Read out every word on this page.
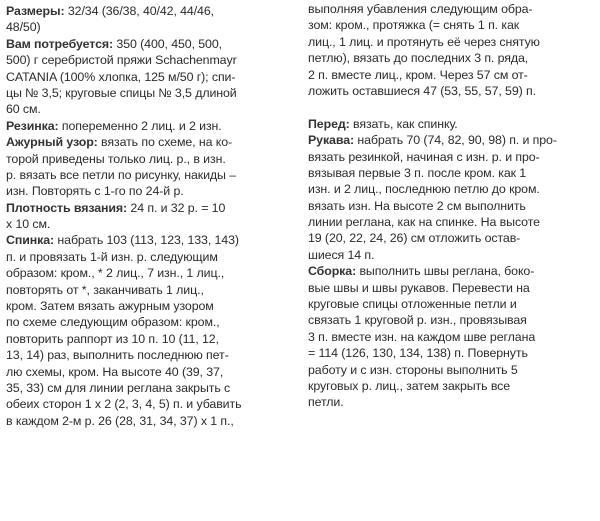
Размеры: 32/34 (36/38, 40/42, 44/46,
48/50)
Вам потребуется: 350 (400, 450, 500,
500) г серебристой пряжи Schachenmayr
CATANIA (100% хлопка, 125 м/50 г); спи-
цы № 3,5; круговые спицы № 3,5 длиной
60 см.
Резинка: попеременно 2 лиц. и 2 изн.
Ажурный узор: вязать по схеме, на ко-
торой приведены только лиц. р., в изн.
р. вязать все петли по рисунку, накиды –
изн. Повторять с 1-го по 24-й р.
Плотность вязания: 24 п. и 32 р. = 10
х 10 см.
Спинка: набрать 103 (113, 123, 133, 143)
п. и провязать 1-й изн. р. следующим
образом: кром., * 2 лиц., 7 изн., 1 лиц.,
повторять от *, заканчивать 1 лиц.,
кром. Затем вязать ажурным узором
по схеме следующим образом: кром.,
повторить раппорт из 10 п. 10 (11, 12,
13, 14) раз, выполнить последнюю пет-
лю схемы, кром. На высоте 40 (39, 37,
35, 33) см для линии реглана закрыть с
обеих сторон 1 х 2 (2, 3, 4, 5) п. и убавить
в каждом 2-м р. 26 (28, 31, 34, 37) х 1 п.,
выполняя убавления следующим обра-
зом: кром., протяжка (= снять 1 п. как
лиц., 1 лиц. и протянуть её через снятую
петлю), вязать до последних 3 п. ряда,
2 п. вместе лиц., кром. Через 57 см от-
ложить оставшиеся 47 (53, 55, 57, 59) п.
Перед: вязать, как спинку.
Рукава: набрать 70 (74, 82, 90, 98) п. и про-
вязать резинкой, начиная с изн. р. и про-
вязывая первые 3 п. после кром. как 1
изн. и 2 лиц., последнюю петлю до кром.
вязать изн. На высоте 2 см выполнить
линии реглана, как на спинке. На высоте
19 (20, 22, 24, 26) см отложить остав-
шиеся 14 п.
Сборка: выполнить швы реглана, боко-
вые швы и швы рукавов. Перевести на
круговые спицы отложенные петли и
связать 1 круговой р. изн., провязывая
3 п. вместе изн. на каждом шве реглана
= 114 (126, 130, 134, 138) п. Повернуть
работу и с изн. стороны выполнить 5
круговых р. лиц., затем закрыть все
петли.
